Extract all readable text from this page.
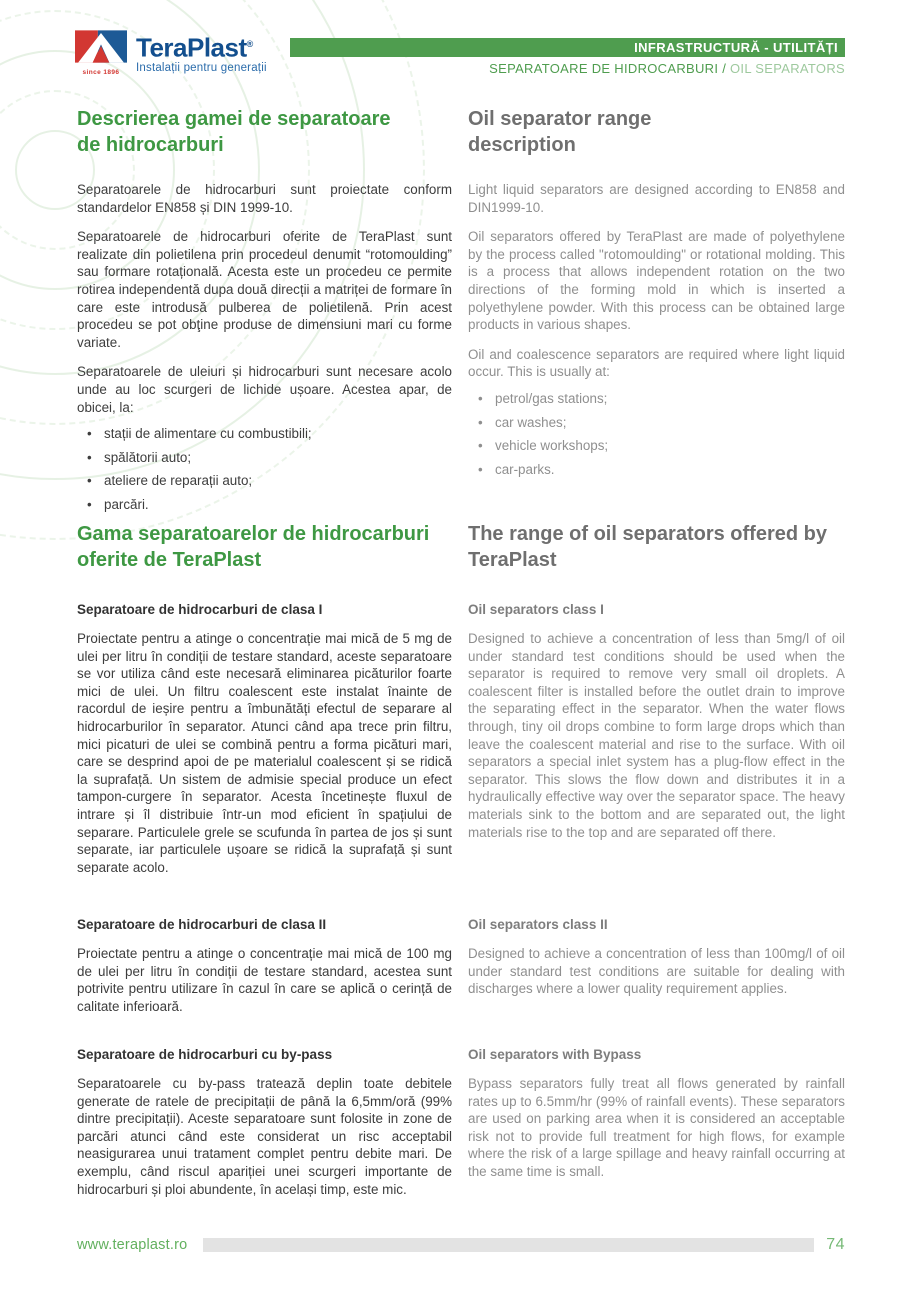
since 1896
TeraPlast®
Instalații pentru generații
INFRASTRUCTURĂ - UTILITĂȚI
SEPARATOARE DE HIDROCARBURI / OIL SEPARATORS
Descrierea gamei de separatoare
de hidrocarburi

Separatoarele de hidrocarburi sunt proiectate conform standardelor EN858 și DIN 1999-10.

Separatoarele de hidrocarburi oferite de TeraPlast sunt realizate din polietilena prin procedeul denumit “rotomoulding” sau formare rotațională. Acesta este un procedeu ce permite rotirea independentă dupa două direcții a matriței de formare în care este introdusă pulberea de polietilenă. Prin acest procedeu se pot obţine produse de dimensiuni mari cu forme variate.

Separatoarele de uleiuri și hidrocarburi sunt necesare acolo unde au loc scurgeri de lichide ușoare. Acestea apar, de obicei, la:

• stații de alimentare cu combustibili;
• spălătorii auto;
• ateliere de reparații auto;
• parcări.
Oil separator range
description

Light liquid separators are designed according to EN858 and DIN1999-10.

Oil separators offered by TeraPlast are made of polyethylene by the process called "rotomoulding" or rotational molding. This is a process that allows independent rotation on the two directions of the forming mold in which is inserted a polyethylene powder. With this process can be obtained large products in various shapes.

Oil and coalescence separators are required where light liquid occur. This is usually at:

• petrol/gas stations;
• car washes;
• vehicle workshops;
• car-parks.
Gama separatoarelor de hidrocarburi
oferite de TeraPlast
Separatoare de hidrocarburi de clasa I

Proiectate pentru a atinge o concentrație mai mică de 5 mg de ulei per litru în condiții de testare standard, aceste separatoare se vor utiliza când este necesară eliminarea picăturilor foarte mici de ulei. Un filtru coalescent este instalat înainte de racordul de ieșire pentru a îmbunătăți efectul de separare al hidrocarburilor în separator. Atunci când apa trece prin filtru, mici picaturi de ulei se combină pentru a forma picături mari, care se desprind apoi de pe materialul coalescent și se ridică la suprafață. Un sistem de admisie special produce un efect tampon-curgere în separator. Acesta încetinește fluxul de intrare și îl distribuie într-un mod eficient în spațiului de separare. Particulele grele se scufunda în partea de jos și sunt separate, iar particulele ușoare se ridică la suprafață și sunt separate acolo.

The range of oil separators offered by
TeraPlast
Oil separators class I

Designed to achieve a concentration of less than 5mg/l of oil under standard test conditions should be used when the separator is required to remove very small oil droplets. A coalescent filter is installed before the outlet drain to improve the separating effect in the separator. When the water flows through, tiny oil drops combine to form large drops which than leave the coalescent material and rise to the surface. With oil separators a special inlet system has a plug-flow effect in the separator. This slows the flow down and distributes it in a hydraulically effective way over the separator space. The heavy materials sink to the bottom and are separated out, the light materials rise to the top and are separated off there.

Separatoare de hidrocarburi de clasa II

Proiectate pentru a atinge o concentrație mai mică de 100 mg de ulei per litru în condiții de testare standard, acestea sunt potrivite pentru utilizare în cazul în care se aplică o cerință de calitate inferioară.

Oil separators class II

Designed to achieve a concentration of less than 100mg/l of oil under standard test conditions are suitable for dealing with discharges where a lower quality requirement applies.

Separatoare de hidrocarburi cu by-pass

Separatoarele cu by-pass tratează deplin toate debitele generate de ratele de precipitații de până la 6,5mm/oră (99% dintre precipitații). Aceste separatoare sunt folosite in zone de parcări atunci când este considerat un risc acceptabil neasigurarea unui tratament complet pentru debite mari. De exemplu, când riscul apariției unei scurgeri importante de hidrocarburi și ploi abundente, în același timp, este mic.

Oil separators with Bypass

Bypass separators fully treat all flows generated by rainfall rates up to 6.5mm/hr (99% of rainfall events). These separators are used on parking area when it is considered an acceptable risk not to provide full treatment for high flows, for example where the risk of a large spillage and heavy rainfall occurring at the same time is small.

www.teraplast.ro	74
